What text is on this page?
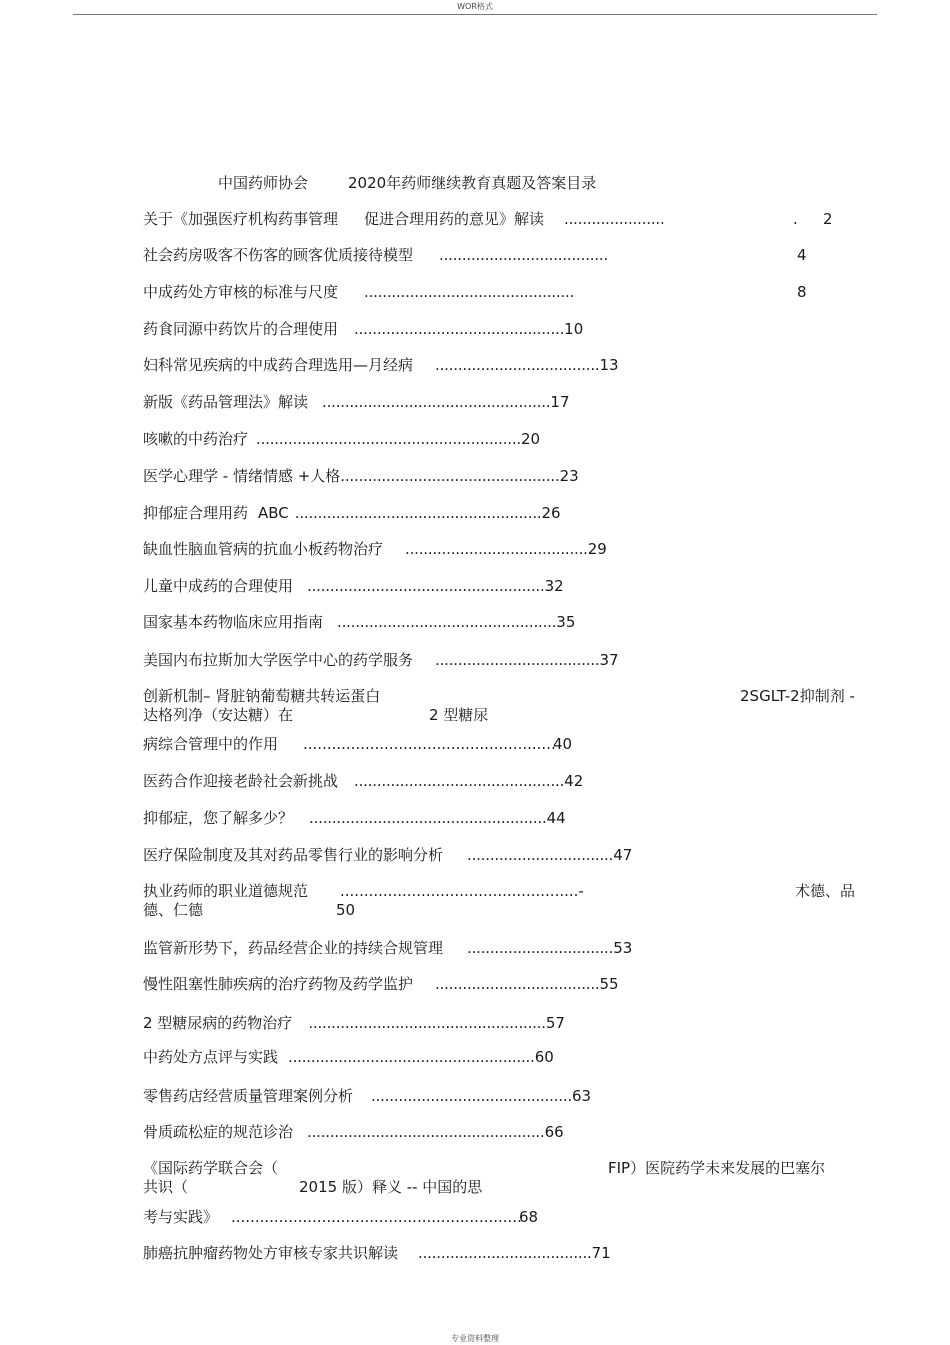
WOR格式
中国药师协会	2020年药师继续教育真题及答案目录
关于《加强医疗机构药事管理 促进合理用药的意见》解读 ......................	. 2
社会药房吸客不伤客的顾客优质接待模型 .....................................	4
中成药处方审核的标准与尺度 ..............................................	8
药食同源中药饮片的合理使用 ..............................................10
妇科常见疾病的中成药合理选用—月经病 ....................................13
新版《药品管理法》解读 ..................................................17
咳嗽的中药治疗 ..........................................................20
医学心理学 - 情绪情感 +人格................................................23
抑郁症合理用药 ABC ......................................................26
缺血性脑血管病的抗血小板药物治疗 ........................................29
儿童中成药的合理使用 ....................................................32
国家基本药物临床应用指南 ................................................35
美国内布拉斯加大学医学中心的药学服务 ....................................37
创新机制– 肾脏钠葡萄糖共转运蛋白	2SGLT-2抑制剂 -
达格列净（安达糖）在	2 型糖尿
病综合管理中的作用 .....................................................
40
医药合作迎接老龄社会新挑战 ..............................................42
抑郁症，您了解多少？ ....................................................44
医疗保险制度及其对药品零售行业的影响分析 ................................47
执业药师的职业道德规范 ..................................................-	术德、品
德、仁德	50
监管新形势下，药品经营企业的持续合规管理 ................................53
慢性阻塞性肺疾病的治疗药物及药学监护 ....................................55
2 型糖尿病的药物治疗 ....................................................57
中药处方点评与实践 ......................................................60
零售药店经营质量管理案例分析 ............................................63
骨质疏松症的规范诊治 ....................................................66
《国际药学联合会（	FIP）医院药学未来发展的巴塞尔
共识（	2015 版）释义 -- 中国的思
考与实践》 .............................................................
68
肺癌抗肿瘤药物处方审核专家共识解读 ......................................71
专业资料整理
